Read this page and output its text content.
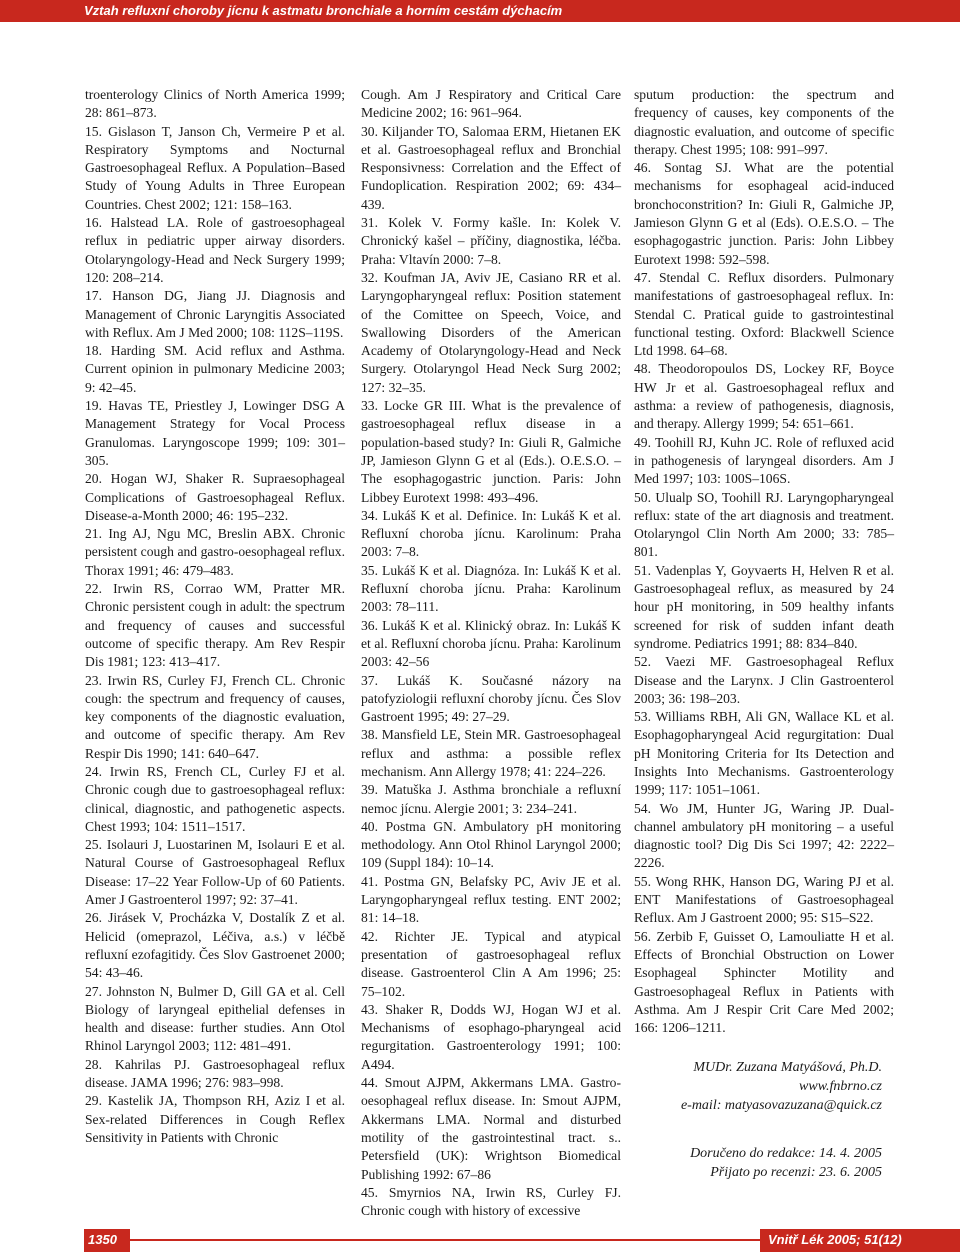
Vztah refluxní choroby jícnu k astmatu bronchiale a horním cestám dýchacím

troenterology Clinics of North America 1999; 28: 861–873.

15. Gislason T, Janson Ch, Vermeire P et al. Respiratory Symptoms and Nocturnal Gastroesophageal Reflux. A Population–Based Study of Young Adults in Three European Countries. Chest 2002; 121: 158–163.

16. Halstead LA. Role of gastroesophageal reflux in pediatric upper airway disorders. Otolaryngology-Head and Neck Surgery 1999; 120: 208–214.

17. Hanson DG, Jiang JJ. Diagnosis and Management of Chronic Laryngitis Associated with Reflux. Am J Med 2000; 108: 112S–119S.

18. Harding SM. Acid reflux and Asthma. Current opinion in pulmonary Medicine 2003; 9: 42–45.

19. Havas TE, Priestley J, Lowinger DSG A Management Strategy for Vocal Process Granulomas. Laryngoscope 1999; 109: 301–305.

20. Hogan WJ, Shaker R. Supraesophageal Complications of Gastroesophageal Reflux. Disease-a-Month 2000; 46: 195–232.

21. Ing AJ, Ngu MC, Breslin ABX. Chronic persistent cough and gastro-oesophageal reflux. Thorax 1991; 46: 479–483.

22. Irwin RS, Corrao WM, Pratter MR. Chronic persistent cough in adult: the spectrum and frequency of causes and successful outcome of specific therapy. Am Rev Respir Dis 1981; 123: 413–417.

23. Irwin RS, Curley FJ, French CL. Chronic cough: the spectrum and frequency of causes, key components of the diagnostic evaluation, and outcome of specific therapy. Am Rev Respir Dis 1990; 141: 640–647.

24. Irwin RS, French CL, Curley FJ et al. Chronic cough due to gastroesophageal reflux: clinical, diagnostic, and pathogenetic aspects. Chest 1993; 104: 1511–1517.

25. Isolauri J, Luostarinen M, Isolauri E et al. Natural Course of Gastroesophageal Reflux Disease: 17–22 Year Follow-Up of 60 Patients. Amer J Gastroenterol 1997; 92: 37–41.

26. Jirásek V, Procházka V, Dostalík Z et al. Helicid (omeprazol, Léčiva, a.s.) v léčbě refluxní ezofagitidy. Čes Slov Gastroenet 2000; 54: 43–46.

27. Johnston N, Bulmer D, Gill GA et al. Cell Biology of laryngeal epithelial defenses in health and disease: further studies. Ann Otol Rhinol Laryngol 2003; 112: 481–491.

28. Kahrilas PJ. Gastroesophageal reflux disease. JAMA 1996; 276: 983–998.

29. Kastelik JA, Thompson RH, Aziz I et al. Sex-related Differences in Cough Reflex Sensitivity in Patients with Chronic

Cough. Am J Respiratory and Critical Care Medicine 2002; 16: 961–964.

30. Kiljander TO, Salomaa ERM, Hietanen EK et al. Gastroesophageal reflux and Bronchial Responsivness: Correlation and the Effect of Fundoplication. Respiration 2002; 69: 434–439.

31. Kolek V. Formy kašle. In: Kolek V. Chronický kašel – příčiny, diagnostika, léčba. Praha: Vltavín 2000: 7–8.

32. Koufman JA, Aviv JE, Casiano RR et al. Laryngopharyngeal reflux: Position statement of the Comittee on Speech, Voice, and Swallowing Disorders of the American Academy of Otolaryngology-Head and Neck Surgery. Otolaryngol Head Neck Surg 2002; 127: 32–35.

33. Locke GR III. What is the prevalence of gastroesophageal reflux disease in a population-based study? In: Giuli R, Galmiche JP, Jamieson Glynn G et al (Eds.). O.E.S.O. – The esophagogastric junction. Paris: John Libbey Eurotext 1998: 493–496.

34. Lukáš K et al. Definice. In: Lukáš K et al. Refluxní choroba jícnu. Karolinum: Praha 2003: 7–8.

35. Lukáš K et al. Diagnóza. In: Lukáš K et al. Refluxní choroba jícnu. Praha: Karolinum 2003: 78–111.

36. Lukáš K et al. Klinický obraz. In: Lukáš K et al. Refluxní choroba jícnu. Praha: Karolinum 2003: 42–56

37. Lukáš K. Současné názory na patofyziologii refluxní choroby jícnu. Čes Slov Gastroent 1995; 49: 27–29.

38. Mansfield LE, Stein MR. Gastroesophageal reflux and asthma: a possible reflex mechanism. Ann Allergy 1978; 41: 224–226.

39. Matuška J. Asthma bronchiale a refluxní nemoc jícnu. Alergie 2001; 3: 234–241.

40. Postma GN. Ambulatory pH monitoring methodology. Ann Otol Rhinol Laryngol 2000; 109 (Suppl 184): 10–14.

41. Postma GN, Belafsky PC, Aviv JE et al. Laryngopharyngeal reflux testing. ENT 2002; 81: 14–18.

42. Richter JE. Typical and atypical presentation of gastroesophageal reflux disease. Gastroenterol Clin A Am 1996; 25: 75–102.

43. Shaker R, Dodds WJ, Hogan WJ et al. Mechanisms of esophago-pharyngeal acid regurgitation. Gastroenterology 1991; 100: A494.

44. Smout AJPM, Akkermans LMA. Gastro-oesophageal reflux disease. In: Smout AJPM, Akkermans LMA. Normal and disturbed motility of the gastrointestinal tract. s.. Petersfield (UK): Wrightson Biomedical Publishing 1992: 67–86

45. Smyrnios NA, Irwin RS, Curley FJ. Chronic cough with history of excessive

sputum production: the spectrum and frequency of causes, key components of the diagnostic evaluation, and outcome of specific therapy. Chest 1995; 108: 991–997.

46. Sontag SJ. What are the potential mechanisms for esophageal acid-induced bronchoconstrition? In: Giuli R, Galmiche JP, Jamieson Glynn G et al (Eds). O.E.S.O. – The esophagogastric junction. Paris: John Libbey Eurotext 1998: 592–598.

47. Stendal C. Reflux disorders. Pulmonary manifestations of gastroesophageal reflux. In: Stendal C. Pratical guide to gastrointestinal functional testing. Oxford: Blackwell Science Ltd 1998. 64–68.

48. Theodoropoulos DS, Lockey RF, Boyce HW Jr et al. Gastroesophageal reflux and asthma: a review of pathogenesis, diagnosis, and therapy. Allergy 1999; 54: 651–661.

49. Toohill RJ, Kuhn JC. Role of refluxed acid in pathogenesis of laryngeal disorders. Am J Med 1997; 103: 100S–106S.

50. Ulualp SO, Toohill RJ. Laryngopharyngeal reflux: state of the art diagnosis and treatment. Otolaryngol Clin North Am 2000; 33: 785–801.

51. Vadenplas Y, Goyvaerts H, Helven R et al. Gastroesophageal reflux, as measured by 24 hour pH monitoring, in 509 healthy infants screened for risk of sudden infant death syndrome. Pediatrics 1991; 88: 834–840.

52. Vaezi MF. Gastroesophageal Reflux Disease and the Larynx. J Clin Gastroenterol 2003; 36: 198–203.

53. Williams RBH, Ali GN, Wallace KL et al. Esophagopharyngeal Acid regurgitation: Dual pH Monitoring Criteria for Its Detection and Insights Into Mechanisms. Gastroenterology 1999; 117: 1051–1061.

54. Wo JM, Hunter JG, Waring JP. Dual-channel ambulatory pH monitoring – a useful diagnostic tool? Dig Dis Sci 1997; 42: 2222–2226.

55. Wong RHK, Hanson DG, Waring PJ et al. ENT Manifestations of Gastroesophageal Reflux. Am J Gastroent 2000; 95: S15–S22.

56. Zerbib F, Guisset O, Lamouliatte H et al. Effects of Bronchial Obstruction on Lower Esophageal Sphincter Motility and Gastroesophageal Reflux in Patients with Asthma. Am J Respir Crit Care Med 2002; 166: 1206–1211.

MUDr. Zuzana Matyášová, Ph.D.
www.fnbrno.cz
e-mail: matyasovazuzana@quick.cz
Doručeno do redakce: 14. 4. 2005
Přijato po recenzi: 23. 6. 2005
1350	Vnitř Lék 2005; 51(12)
